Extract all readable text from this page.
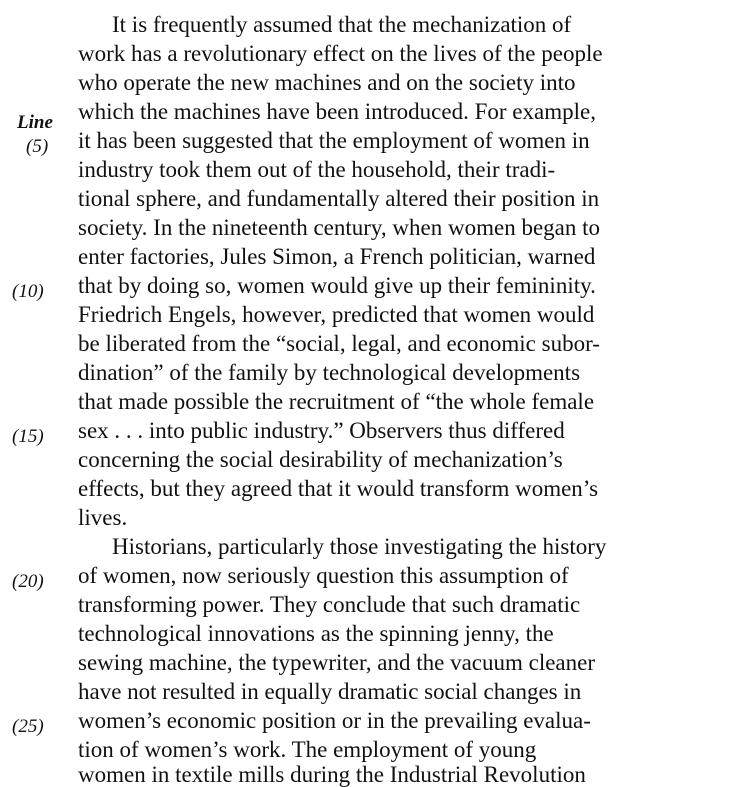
It is frequently assumed that the mechanization of
work has a revolutionary effect on the lives of the people
who operate the new machines and on the society into
which the machines have been introduced. For example,
it has been suggested that the employment of women in
industry took them out of the household, their tradi-
tional sphere, and fundamentally altered their position in
society. In the nineteenth century, when women began to
enter factories, Jules Simon, a French politician, warned
that by doing so, women would give up their femininity.
Friedrich Engels, however, predicted that women would
be liberated from the “social, legal, and economic subor-
dination” of the family by technological developments
that made possible the recruitment of “the whole female
sex . . . into public industry.” Observers thus differed
concerning the social desirability of mechanization’s
effects, but they agreed that it would transform women’s
lives.
Historians, particularly those investigating the history
of women, now seriously question this assumption of
transforming power. They conclude that such dramatic
technological innovations as the spinning jenny, the
sewing machine, the typewriter, and the vacuum cleaner
have not resulted in equally dramatic social changes in
women’s economic position or in the prevailing evalua-
tion of women’s work. The employment of young
women in textile mills during the Industrial Revolution
Line
(5)
(10)
(15)
(20)
(25)
